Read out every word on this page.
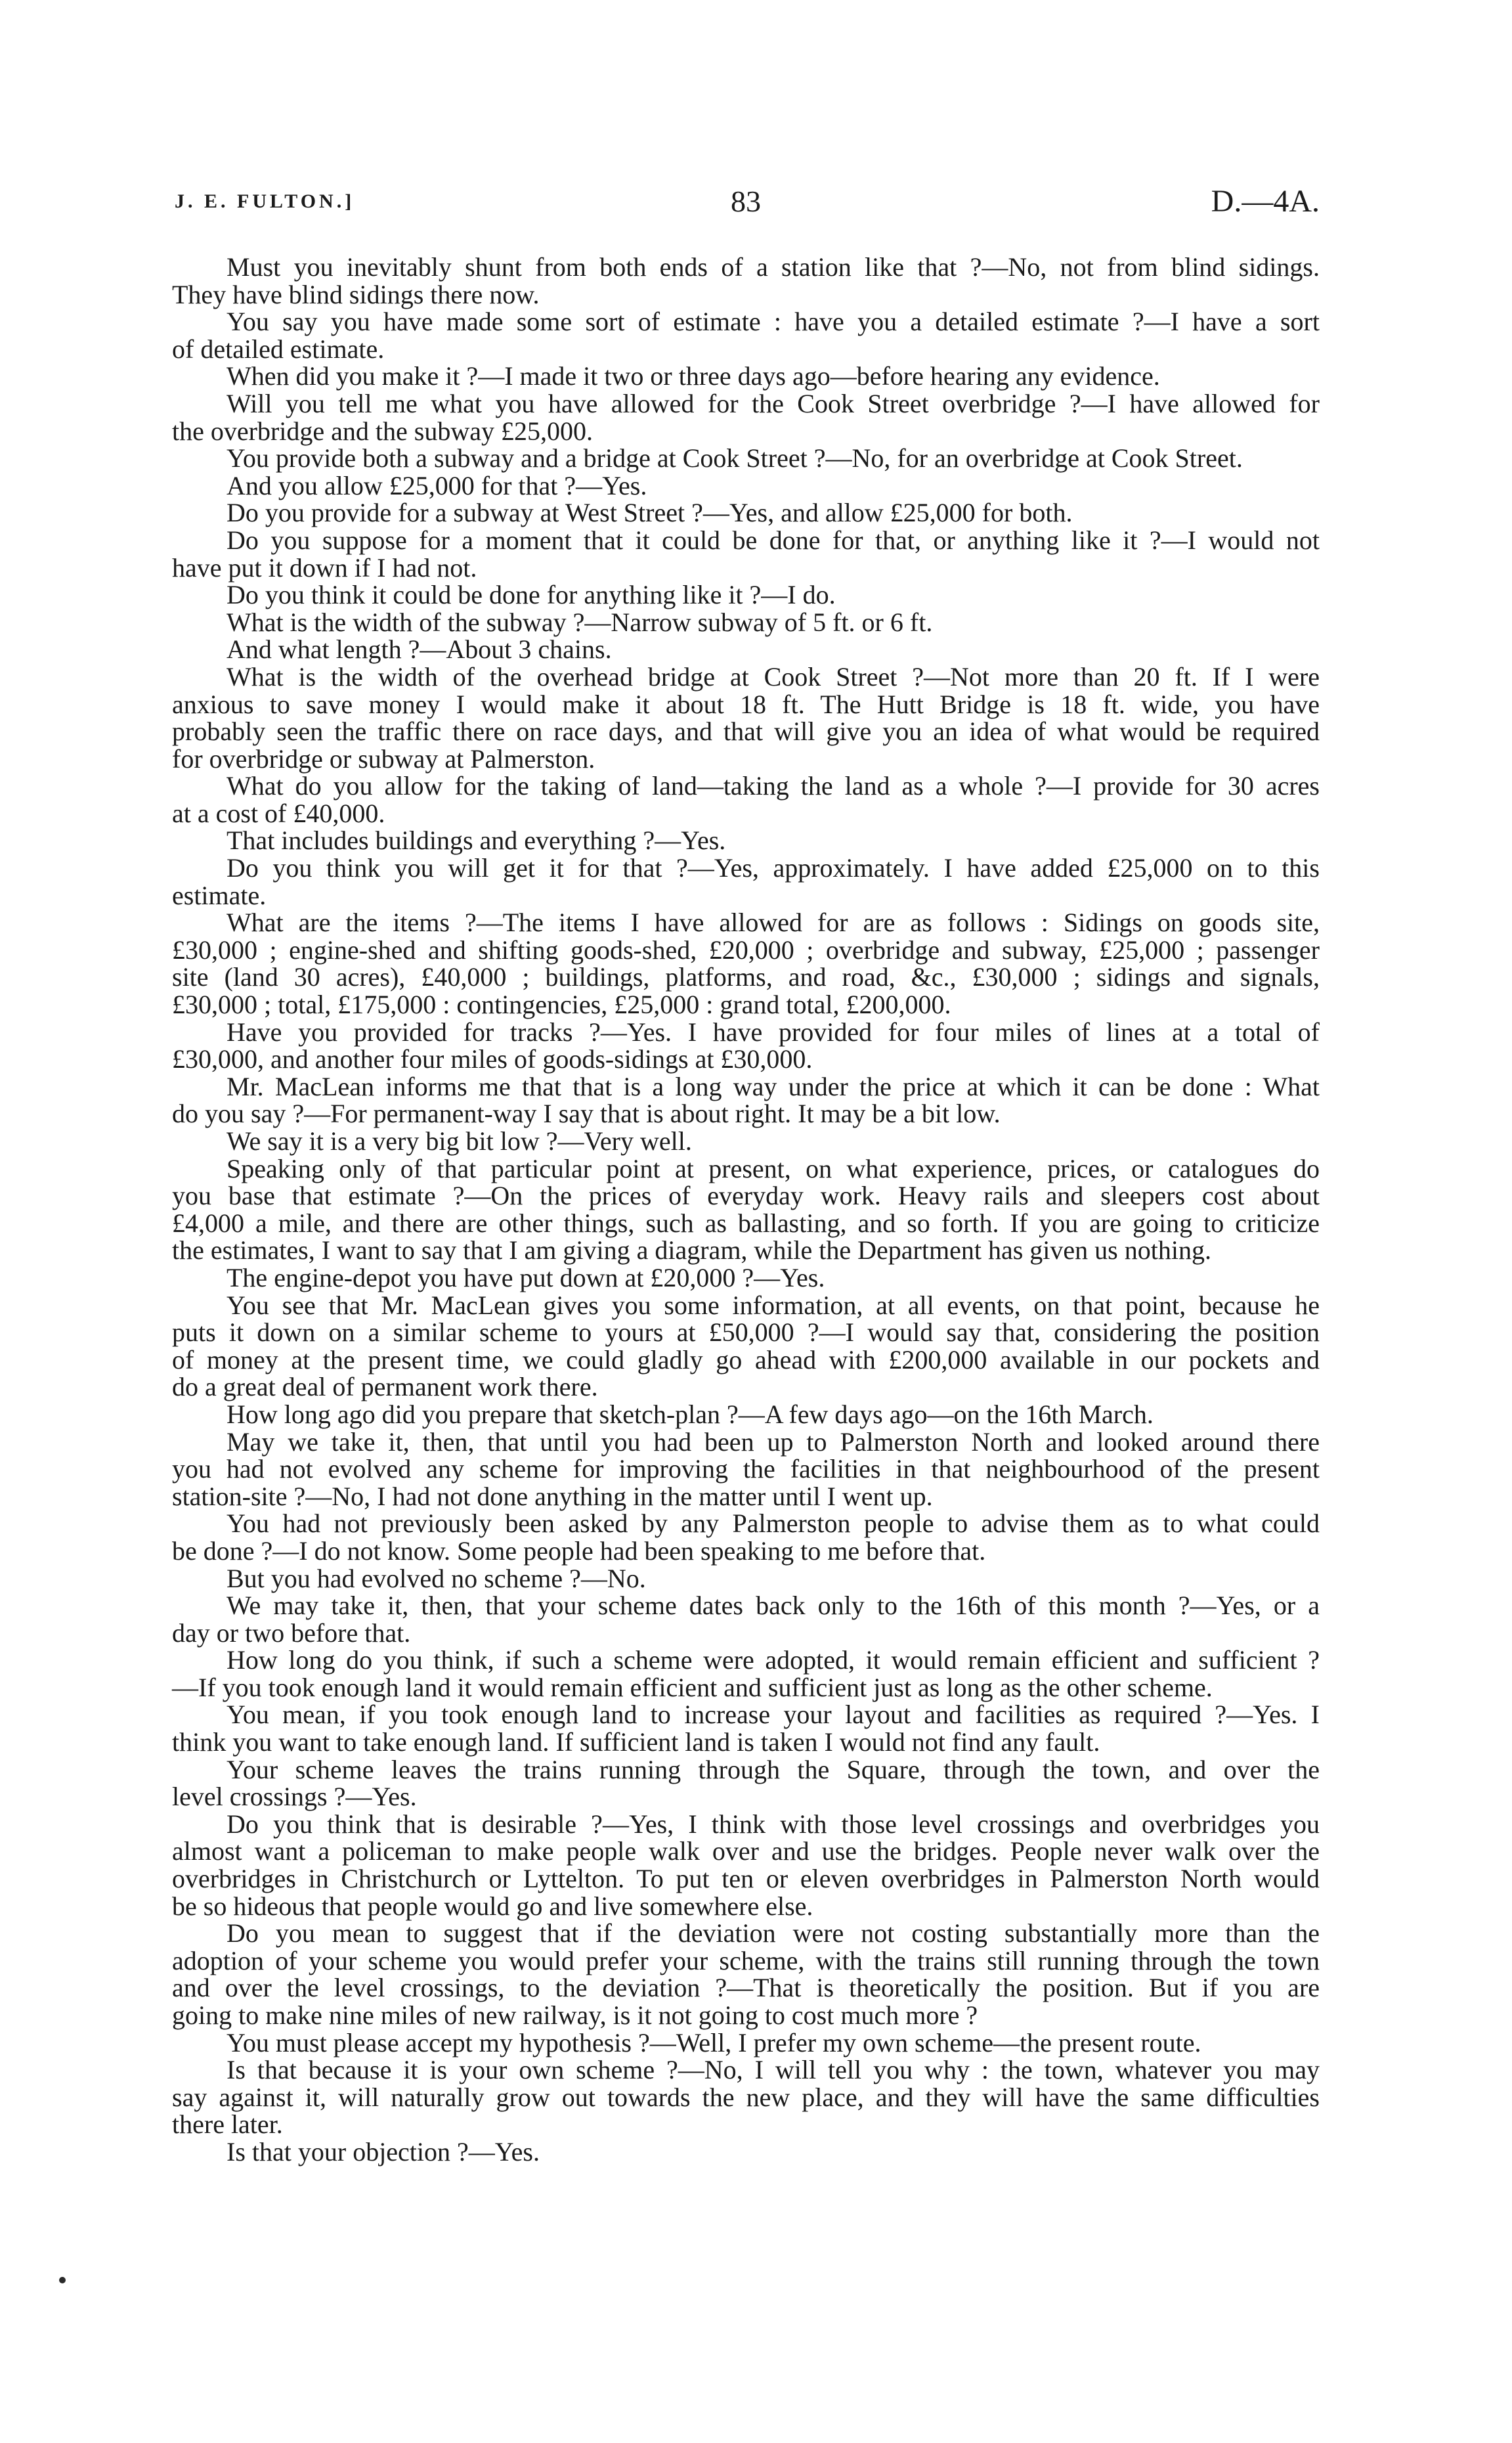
J. E. FULTON.]	83	D.—4A.

Must you inevitably shunt from both ends of a station like that ?—No, not from blind sidings.
They have blind sidings there now.

You say you have made some sort of estimate : have you a detailed estimate ?—I have a sort
of detailed estimate.

When did you make it ?—I made it two or three days ago—before hearing any evidence.

Will you tell me what you have allowed for the Cook Street overbridge ?—I have allowed for
the overbridge and the subway £25,000.

You provide both a subway and a bridge at Cook Street ?—No, for an overbridge at Cook Street.

And you allow £25,000 for that ?—Yes.

Do you provide for a subway at West Street ?—Yes, and allow £25,000 for both.

Do you suppose for a moment that it could be done for that, or anything like it ?—I would not
have put it down if I had not.

Do you think it could be done for anything like it ?—I do.

What is the width of the subway ?—Narrow subway of 5 ft. or 6 ft.

And what length ?—About 3 chains.

What is the width of the overhead bridge at Cook Street ?—Not more than 20 ft. If I were
anxious to save money I would make it about 18 ft. The Hutt Bridge is 18 ft. wide, you have
probably seen the traffic there on race days, and that will give you an idea of what would be required
for overbridge or subway at Palmerston.

What do you allow for the taking of land—taking the land as a whole ?—I provide for 30 acres
at a cost of £40,000.

That includes buildings and everything ?—Yes.

Do you think you will get it for that ?—Yes, approximately. I have added £25,000 on to this
estimate.

What are the items ?—The items I have allowed for are as follows : Sidings on goods site,
£30,000 ; engine-shed and shifting goods-shed, £20,000 ; overbridge and subway, £25,000 ; passenger
site (land 30 acres), £40,000 ; buildings, platforms, and road, &c., £30,000 ; sidings and signals,
£30,000 ; total, £175,000 : contingencies, £25,000 : grand total, £200,000.

Have you provided for tracks ?—Yes. I have provided for four miles of lines at a total of
£30,000, and another four miles of goods-sidings at £30,000.

Mr. MacLean informs me that that is a long way under the price at which it can be done : What
do you say ?—For permanent-way I say that is about right. It may be a bit low.

We say it is a very big bit low ?—Very well.

Speaking only of that particular point at present, on what experience, prices, or catalogues do
you base that estimate ?—On the prices of everyday work. Heavy rails and sleepers cost about
£4,000 a mile, and there are other things, such as ballasting, and so forth. If you are going to criticize
the estimates, I want to say that I am giving a diagram, while the Department has given us nothing.

The engine-depot you have put down at £20,000 ?—Yes.

You see that Mr. MacLean gives you some information, at all events, on that point, because he
puts it down on a similar scheme to yours at £50,000 ?—I would say that, considering the position
of money at the present time, we could gladly go ahead with £200,000 available in our pockets and
do a great deal of permanent work there.

How long ago did you prepare that sketch-plan ?—A few days ago—on the 16th March.

May we take it, then, that until you had been up to Palmerston North and looked around there
you had not evolved any scheme for improving the facilities in that neighbourhood of the present
station-site ?—No, I had not done anything in the matter until I went up.

You had not previously been asked by any Palmerston people to advise them as to what could
be done ?—I do not know. Some people had been speaking to me before that.

But you had evolved no scheme ?—No.

We may take it, then, that your scheme dates back only to the 16th of this month ?—Yes, or a
day or two before that.

How long do you think, if such a scheme were adopted, it would remain efficient and sufficient ?
—If you took enough land it would remain efficient and sufficient just as long as the other scheme.

You mean, if you took enough land to increase your layout and facilities as required ?—Yes. I
think you want to take enough land. If sufficient land is taken I would not find any fault.

Your scheme leaves the trains running through the Square, through the town, and over the
level crossings ?—Yes.

Do you think that is desirable ?—Yes, I think with those level crossings and overbridges you
almost want a policeman to make people walk over and use the bridges. People never walk over the
overbridges in Christchurch or Lyttelton. To put ten or eleven overbridges in Palmerston North would
be so hideous that people would go and live somewhere else.

Do you mean to suggest that if the deviation were not costing substantially more than the
adoption of your scheme you would prefer your scheme, with the trains still running through the town
and over the level crossings, to the deviation ?—That is theoretically the position. But if you are
going to make nine miles of new railway, is it not going to cost much more ?

You must please accept my hypothesis ?—Well, I prefer my own scheme—the present route.

Is that because it is your own scheme ?—No, I will tell you why : the town, whatever you may
say against it, will naturally grow out towards the new place, and they will have the same difficulties
there later.

Is that your objection ?—Yes.
